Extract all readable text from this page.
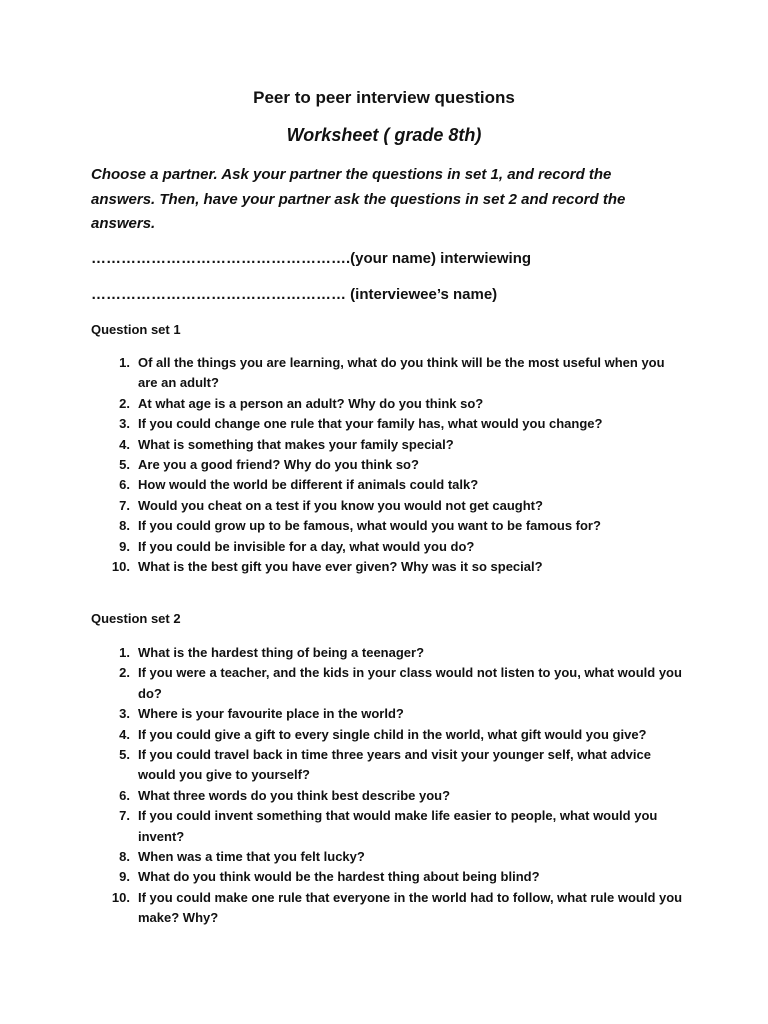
Peer to peer interview questions
Worksheet ( grade 8th)
Choose a partner. Ask your partner the questions in set 1, and record the answers. Then, have your partner ask the questions in set 2 and record the answers.
…………………………………………….(your name) interwiewing
…………………………………………… (interviewee’s name)
Question set 1
1. Of all the things you are learning, what do you think will be the most useful when you are an adult?
2. At what age is a person an adult? Why do you think so?
3. If you could change one rule that your family has, what would you change?
4. What is something that makes your family special?
5. Are you a good friend? Why do you think so?
6. How would the world be different if animals could talk?
7. Would you cheat on a test if you know you would not get caught?
8. If you could grow up to be famous, what would you want to be famous for?
9. If you could be invisible for a day, what would you do?
10. What is the best gift you have ever given? Why was it so special?
Question set 2
1. What is the hardest thing of being a teenager?
2. If you were a teacher, and the kids in your class would not listen to you, what would you do?
3. Where is your favourite place in the world?
4. If you could give a gift to every single child in the world, what gift would you give?
5. If you could travel back in time three years and visit your younger self, what advice would you give to yourself?
6. What three words do you think best describe you?
7. If you could invent something that would make life easier to people, what would you invent?
8. When was a time that you felt lucky?
9. What do you think would be the hardest thing about being blind?
10. If you could make one rule that everyone in the world had to follow, what rule would you make? Why?
